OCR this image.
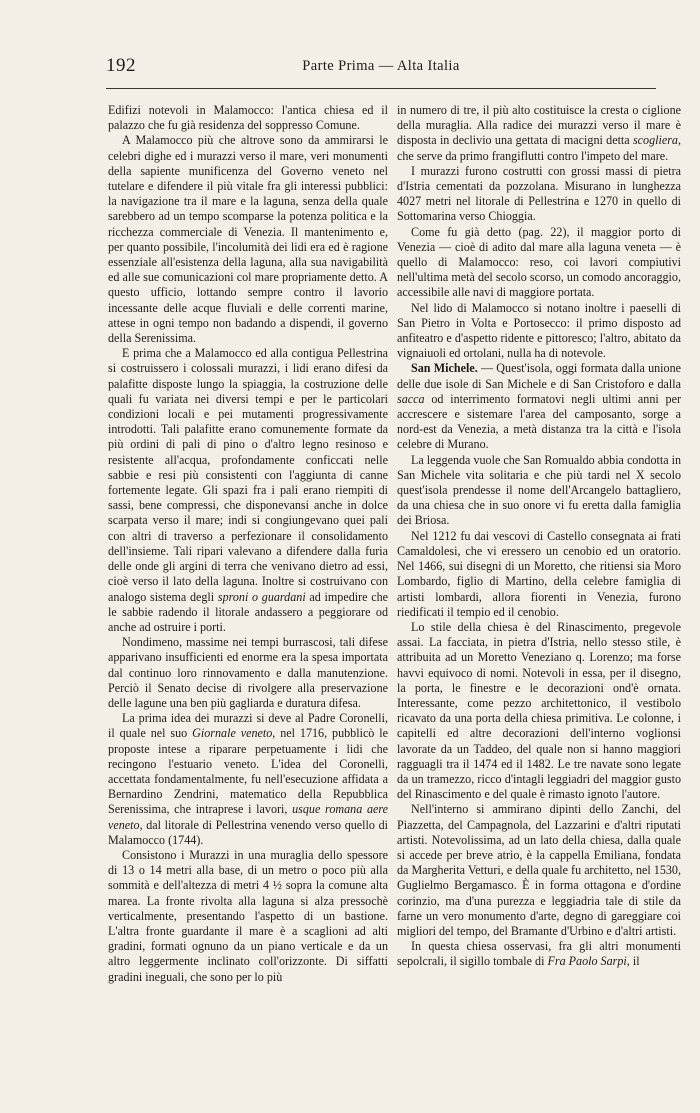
192	Parte Prima — Alta Italia

Edifizi notevoli in Malamocco: l'antica chiesa ed il palazzo che fu già residenza del soppresso Comune.

A Malamocco più che altrove sono da ammirarsi le celebri dighe ed i murazzi verso il mare, veri monumenti della sapiente munificenza del Governo veneto nel tutelare e difendere il più vitale fra gli interessi pubblici: la navigazione tra il mare e la laguna, senza della quale sarebbero ad un tempo scomparse la potenza politica e la ricchezza commerciale di Venezia. Il mantenimento e, per quanto possibile, l'incolumità dei lidi era ed è ragione essenziale all'esistenza della laguna, alla sua navigabilità ed alle sue comunicazioni col mare propriamente detto. A questo ufficio, lottando sempre contro il lavorio incessante delle acque fluviali e delle correnti marine, attese in ogni tempo non badando a dispendi, il governo della Serenissima.

E prima che a Malamocco ed alla contigua Pellestrina si costruissero i colossali murazzi, i lidi erano difesi da palafitte disposte lungo la spiaggia, la costruzione delle quali fu variata nei diversi tempi e per le particolari condizioni locali e pei mutamenti progressivamente introdotti. Tali palafitte erano comunemente formate da più ordini di pali di pino o d'altro legno resinoso e resistente all'acqua, profondamente conficcati nelle sabbie e resi più consistenti con l'aggiunta di canne fortemente legate. Gli spazi fra i pali erano riempiti di sassi, bene compressi, che disponevansi anche in dolce scarpata verso il mare; indi si congiungevano quei pali con altri di traverso a perfezionare il consolidamento dell'insieme. Tali ripari valevano a difendere dalla furia delle onde gli argini di terra che venivano dietro ad essi, cioè verso il lato della laguna. Inoltre si costruivano con analogo sistema degli sproni o guardani ad impedire che le sabbie radendo il litorale andassero a peggiorare od anche ad ostruire i porti.

Nondimeno, massime nei tempi burrascosi, tali difese apparivano insufficienti ed enorme era la spesa importata dal continuo loro rinnovamento e dalla manutenzione. Perciò il Senato decise di rivolgere alla preservazione delle lagune una ben più gagliarda e duratura difesa.

La prima idea dei murazzi si deve al Padre Coronelli, il quale nel suo Giornale veneto, nel 1716, pubblicò le proposte intese a riparare perpetuamente i lidi che recingono l'estuario veneto. L'idea del Coronelli, accettata fondamentalmente, fu nell'esecuzione affidata a Bernardino Zendrini, matematico della Repubblica Serenissima, che intraprese i lavori, usque romana aere veneto, dal litorale di Pellestrina venendo verso quello di Malamocco (1744).

Consistono i Murazzi in una muraglia dello spessore di 13 o 14 metri alla base, di un metro o poco più alla sommità e dell'altezza di metri 4 ½ sopra la comune alta marea. La fronte rivolta alla laguna si alza pressochè verticalmente, presentando l'aspetto di un bastione. L'altra fronte guardante il mare è a scaglioni ad alti gradini, formati ognuno da un piano verticale e da un altro leggermente inclinato coll'orizzonte. Di siffatti gradini ineguali, che sono per lo più

in numero di tre, il più alto costituisce la cresta o ciglione della muraglia. Alla radice dei murazzi verso il mare è disposta in declivio una gettata di macigni detta scogliera, che serve da primo frangiflutti contro l'impeto del mare.

I murazzi furono costrutti con grossi massi di pietra d'Istria cementati da pozzolana. Misurano in lunghezza 4027 metri nel litorale di Pellestrina e 1270 in quello di Sottomarina verso Chioggia.

Come fu già detto (pag. 22), il maggior porto di Venezia — cioè di adito dal mare alla laguna veneta — è quello di Malamocco: reso, coi lavori compiutivi nell'ultima metà del secolo scorso, un comodo ancoraggio, accessibile alle navi di maggiore portata.

Nel lido di Malamocco si notano inoltre i paeselli di San Pietro in Volta e Portosecco: il primo disposto ad anfiteatro e d'aspetto ridente e pittoresco; l'altro, abitato da vignaiuoli ed ortolani, nulla ha di notevole.

San Michele. — Quest'isola, oggi formata dalla unione delle due isole di San Michele e di San Cristoforo e dalla sacca od interrimento formatovi negli ultimi anni per accrescere e sistemare l'area del camposanto, sorge a nord-est da Venezia, a metà distanza tra la città e l'isola celebre di Murano.

La leggenda vuole che San Romualdo abbia condotta in San Michele vita solitaria e che più tardi nel X secolo quest'isola prendesse il nome dell'Arcangelo battagliero, da una chiesa che in suo onore vi fu eretta dalla famiglia dei Briosa.

Nel 1212 fu dai vescovi di Castello consegnata ai frati Camaldolesi, che vi eressero un cenobio ed un oratorio. Nel 1466, sui disegni di un Moretto, che ritiensi sia Moro Lombardo, figlio di Martino, della celebre famiglia di artisti lombardi, allora fiorenti in Venezia, furono riedificati il tempio ed il cenobio.

Lo stile della chiesa è del Rinascimento, pregevole assai. La facciata, in pietra d'Istria, nello stesso stile, è attribuita ad un Moretto Veneziano q. Lorenzo; ma forse havvi equivoco di nomi. Notevoli in essa, per il disegno, la porta, le finestre e le decorazioni ond'è ornata. Interessante, come pezzo architettonico, il vestibolo ricavato da una porta della chiesa primitiva. Le colonne, i capitelli ed altre decorazioni dell'interno voglionsi lavorate da un Taddeo, del quale non si hanno maggiori ragguagli tra il 1474 ed il 1482. Le tre navate sono legate da un tramezzo, ricco d'intagli leggiadri del maggior gusto del Rinascimento e del quale è rimasto ignoto l'autore.

Nell'interno si ammirano dipinti dello Zanchi, del Piazzetta, del Campagnola, del Lazzarini e d'altri riputati artisti. Notevolissima, ad un lato della chiesa, dalla quale si accede per breve atrio, è la cappella Emiliana, fondata da Margherita Vetturi, e della quale fu architetto, nel 1530, Guglielmo Bergamasco. È in forma ottagona e d'ordine corinzio, ma d'una purezza e leggiadria tale di stile da farne un vero monumento d'arte, degno di gareggiare coi migliori del tempo, del Bramante d'Urbino e d'altri artisti.

In questa chiesa osservasi, fra gli altri monumenti sepolcrali, il sigillo tombale di Fra Paolo Sarpi, il
